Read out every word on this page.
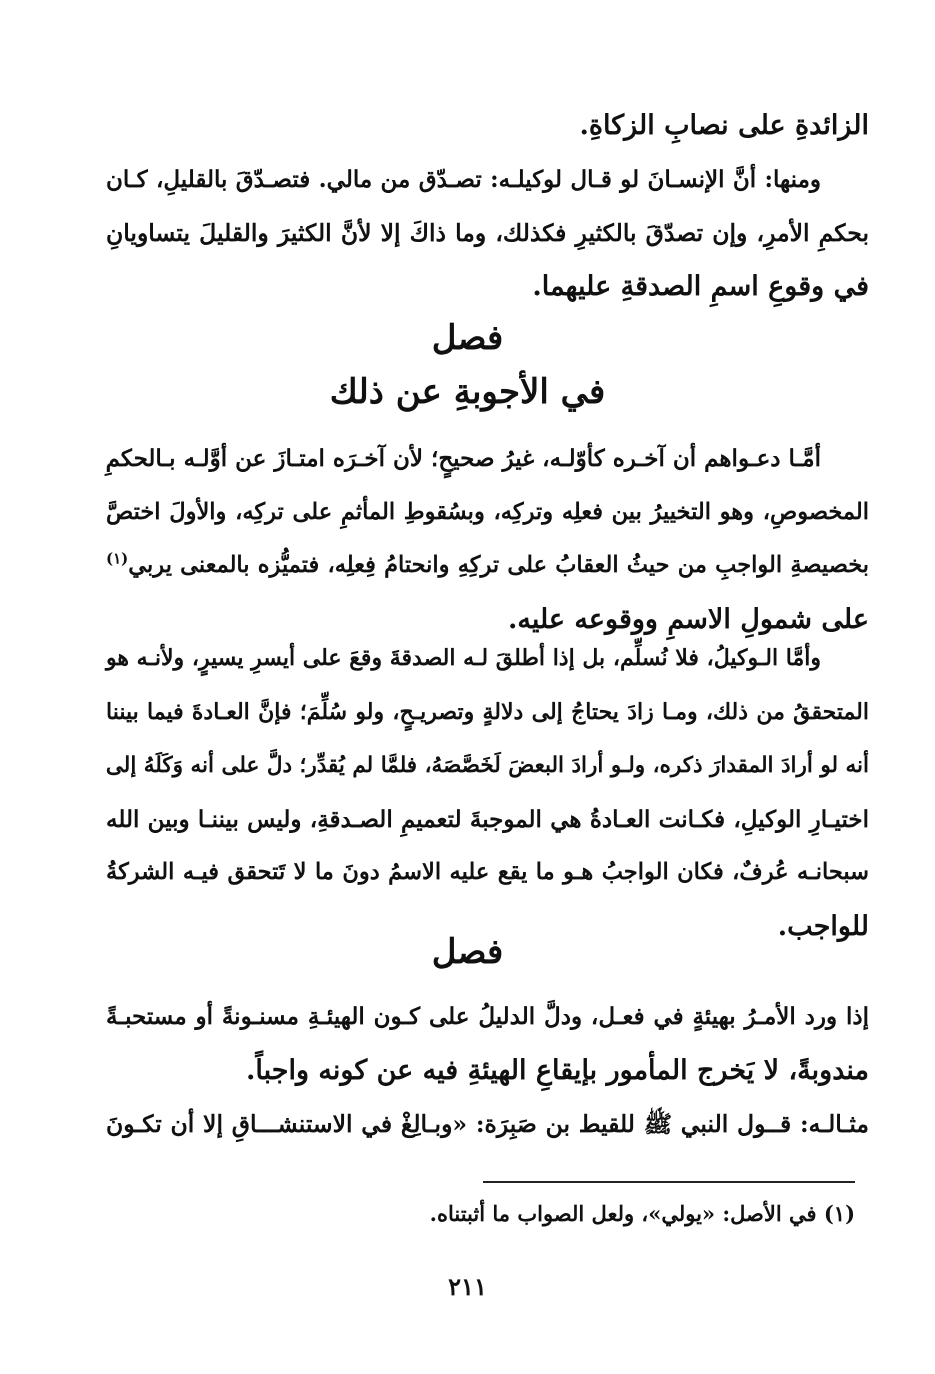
الزائدةِ على نصابِ الزكاةِ.
ومنها: أنَّ الإنسـانَ لو قـال لوكيلـه: تصـدّق من مالي. فتصـدّقَ بالقليلِ، كـان
بحكمِ الأمرِ، وإن تصدّقَ بالكثيرِ فكذلك، وما ذاكَ إلا لأنَّ الكثيرَ والقليلَ يتساويانِ
في وقوعِ اسمِ الصدقةِ عليهما.
فصل
في الأجوبةِ عن ذلك
أمَّـا دعـواهم أن آخـره كأوّلـه، غيرُ صحيحٍ؛ لأن آخـرَه امتـازَ عن أوَّلـه بـالحكمِ
المخصوصِ، وهو التخييرُ بين فعلِه وتركِه، وبسُقوطِ المأثمِ على تركِه، والأولَ اختصَّ
بخصيصةِ الواجبِ من حيثُ العقابُ على تركِهِ وانحتامُ فِعلِه، فتميُّزه بالمعنى يربي$^{(١)}$
على شمولِ الاسمِ ووقوعه عليه.
وأمَّا الـوكيلُ، فلا نُسلِّم، بل إذا أطلقَ لـه الصدقةَ وقعَ على أيسرِ يسيرٍ، ولأنـه هو
المتحققُ من ذلك، ومـا زادَ يحتاجُ إلى دلالةٍ وتصريـحٍ، ولو سُلِّمَ؛ فإنَّ العـادةَ فيما بيننا
أنه لو أرادَ المقدارَ ذكره، ولـو أرادَ البعضَ لَخَصَّصَهُ، فلمَّا لم يُقدِّر؛ دلَّ على أنه وَكَلَهُ إلى
اختيـارِ الوكيلِ، فكـانت العـادةُ هي الموجبةَ لتعميمِ الصـدقةِ، وليس بيننـا وبين الله
سبحانـه عُرفٌ، فكان الواجبُ هـو ما يقع عليه الاسمُ دونَ ما لا تَتحقق فيـه الشركةُ
للواجب.
فصل
إذا ورد الأمـرُ بهيئةٍ في فعـل، ودلَّ الدليلُ على كـون الهيئـةِ مسنـونةً أو مستحبـةً
مندوبةً، لا يَخرج المأمور بإيقاعِ الهيئةِ فيه عن كونه واجباً.
مثـالـه: قــول النبي ﷺ للقيط بن صَبِرَة: «وبـالِغْ في الاستنشـــاقِ إلا أن تكـونَ
(١) في الأصل: «يولي»، ولعل الصواب ما أثبتناه.
٢١١
